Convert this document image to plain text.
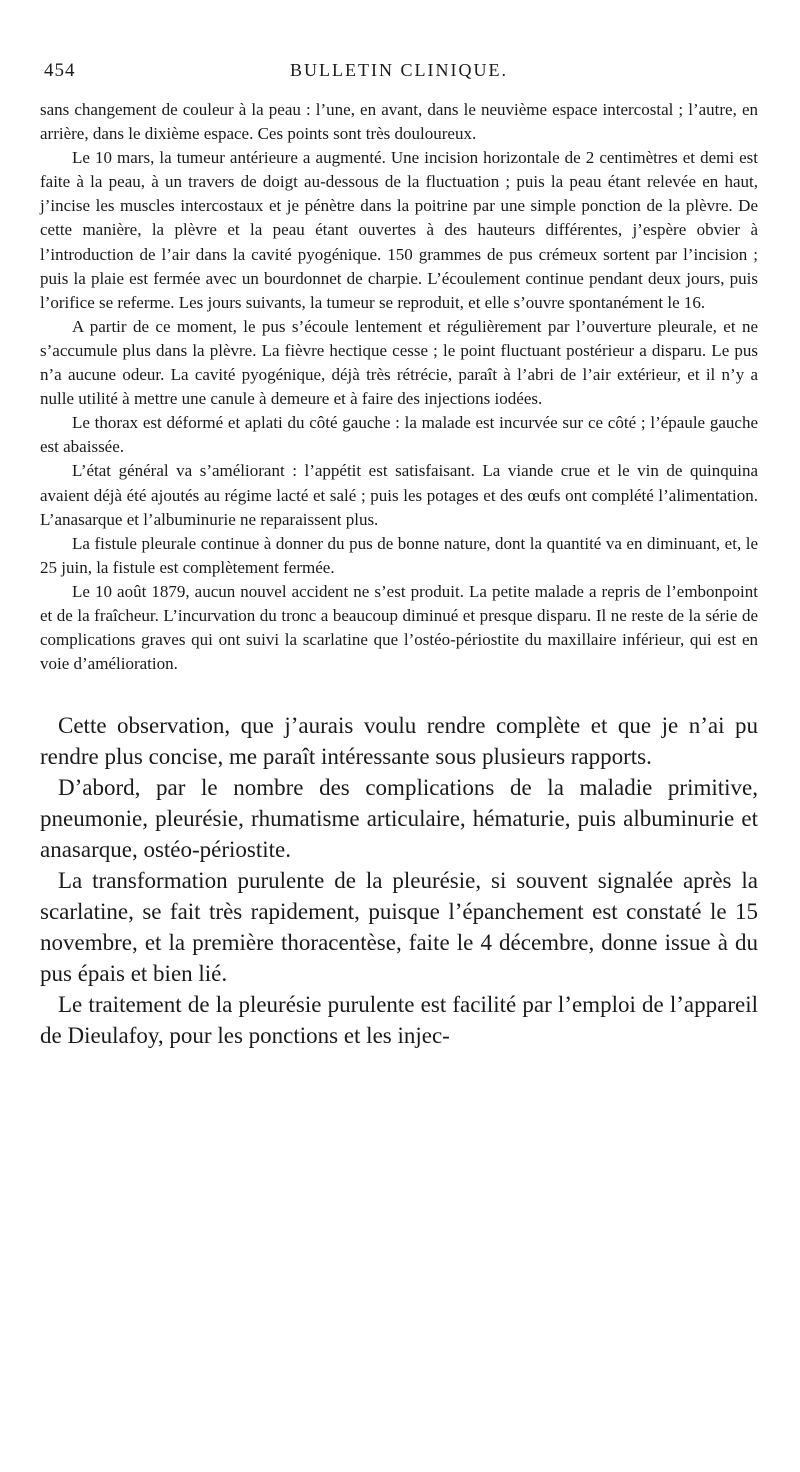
454	BULLETIN CLINIQUE.

sans changement de couleur à la peau : l’une, en avant, dans le neuvième espace intercostal ; l’autre, en arrière, dans le dixième espace. Ces points sont très douloureux.

Le 10 mars, la tumeur antérieure a augmenté. Une incision horizontale de 2 centimètres et demi est faite à la peau, à un travers de doigt au-dessous de la fluctuation ; puis la peau étant relevée en haut, j’incise les muscles intercostaux et je pénètre dans la poitrine par une simple ponction de la plèvre. De cette manière, la plèvre et la peau étant ouvertes à des hauteurs différentes, j’espère obvier à l’introduction de l’air dans la cavité pyogénique. 150 grammes de pus crémeux sortent par l’incision ; puis la plaie est fermée avec un bourdonnet de charpie. L’écoulement continue pendant deux jours, puis l’orifice se referme. Les jours suivants, la tumeur se reproduit, et elle s’ouvre spontanément le 16.

A partir de ce moment, le pus s’écoule lentement et régulièrement par l’ouverture pleurale, et ne s’accumule plus dans la plèvre. La fièvre hectique cesse ; le point fluctuant postérieur a disparu. Le pus n’a aucune odeur. La cavité pyogénique, déjà très rétrécie, paraît à l’abri de l’air extérieur, et il n’y a nulle utilité à mettre une canule à demeure et à faire des injections iodées.

Le thorax est déformé et aplati du côté gauche : la malade est incurvée sur ce côté ; l’épaule gauche est abaissée.

L’état général va s’améliorant : l’appétit est satisfaisant. La viande crue et le vin de quinquina avaient déjà été ajoutés au régime lacté et salé ; puis les potages et des œufs ont complété l’alimentation. L’anasarque et l’albuminurie ne reparaissent plus.

La fistule pleurale continue à donner du pus de bonne nature, dont la quantité va en diminuant, et, le 25 juin, la fistule est complètement fermée.

Le 10 août 1879, aucun nouvel accident ne s’est produit. La petite malade a repris de l’embonpoint et de la fraîcheur. L’incurvation du tronc a beaucoup diminué et presque disparu. Il ne reste de la série de complications graves qui ont suivi la scarlatine que l’ostéo-périostite du maxillaire inférieur, qui est en voie d’amélioration.

Cette observation, que j’aurais voulu rendre complète et que je n’ai pu rendre plus concise, me paraît intéressante sous plusieurs rapports.

D’abord, par le nombre des complications de la maladie primitive, pneumonie, pleurésie, rhumatisme articulaire, hématurie, puis albuminurie et anasarque, ostéo-périostite.

La transformation purulente de la pleurésie, si souvent signalée après la scarlatine, se fait très rapidement, puisque l’épanchement est constaté le 15 novembre, et la première thoracentèse, faite le 4 décembre, donne issue à du pus épais et bien lié.

Le traitement de la pleurésie purulente est facilité par l’emploi de l’appareil de Dieulafoy, pour les ponctions et les injec-
